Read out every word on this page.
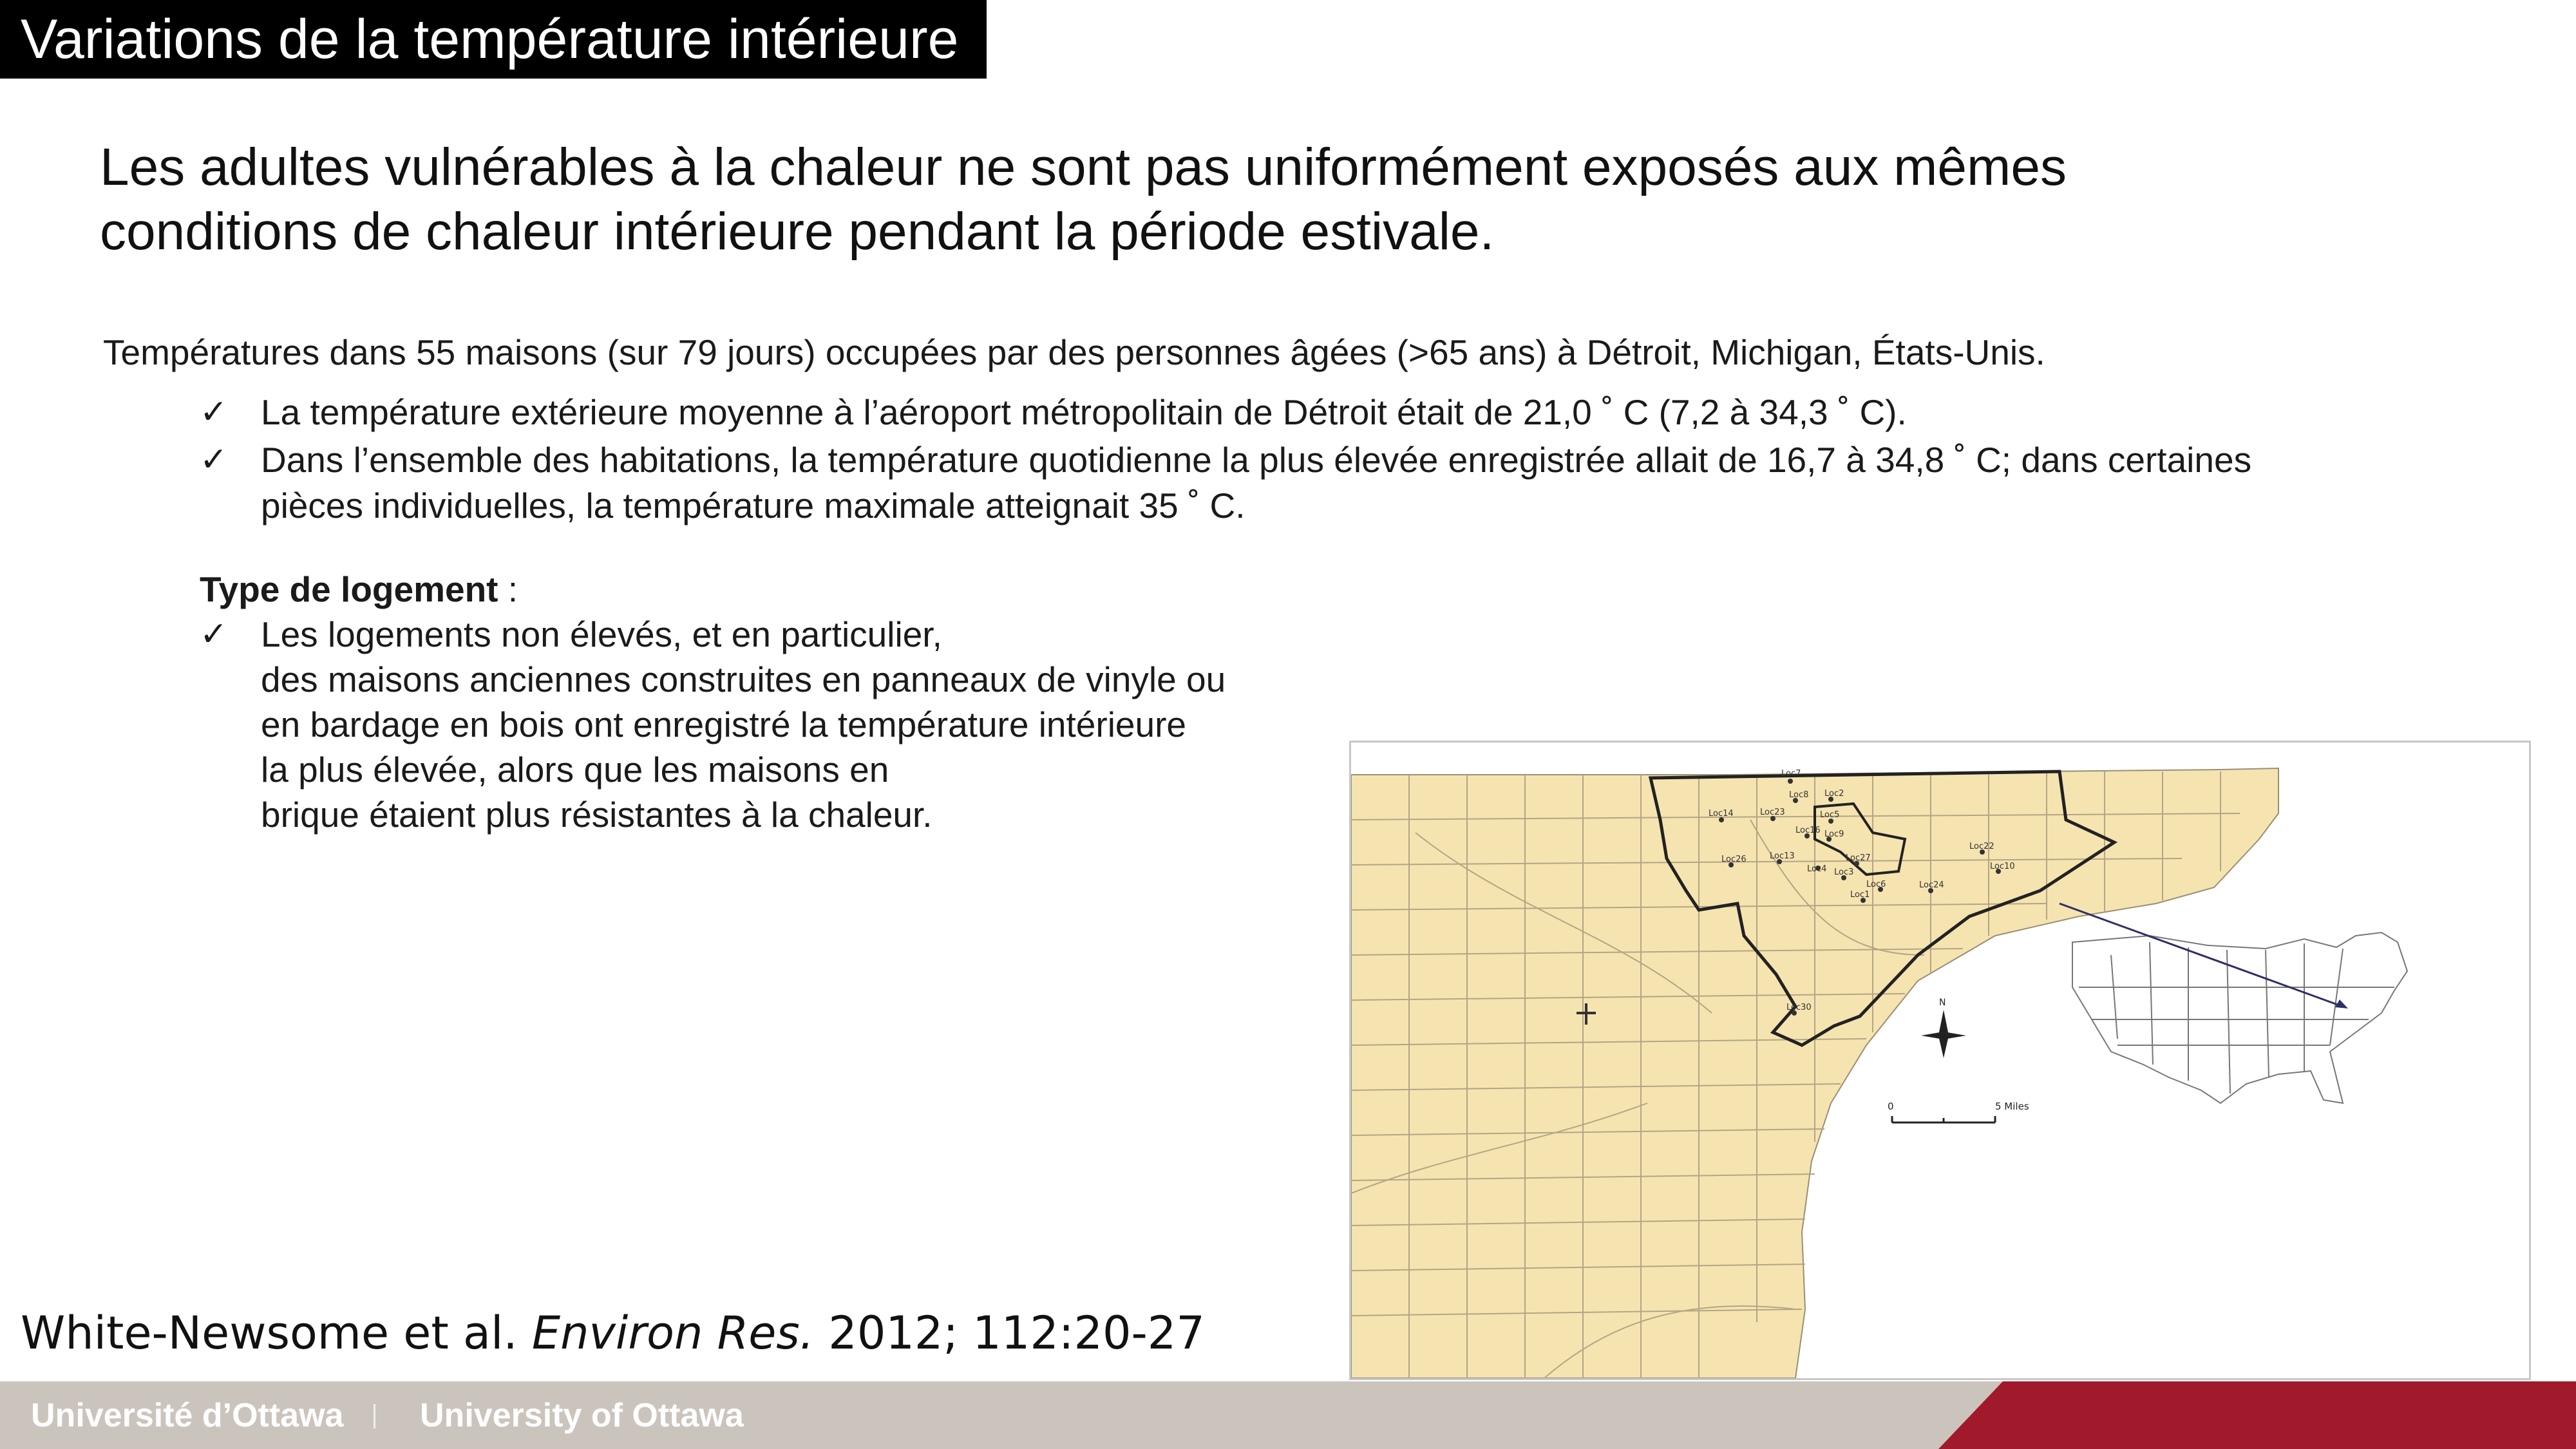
Variations de la température intérieure
Les adultes vulnérables à la chaleur ne sont pas uniformément exposés aux mêmes
conditions de chaleur intérieure pendant la période estivale.
Températures dans 55 maisons (sur 79 jours) occupées par des personnes âgées (>65 ans) à Détroit, Michigan, États-Unis.
✓ La température extérieure moyenne à l’aéroport métropolitain de Détroit était de 21,0 ˚ C (7,2 à 34,3 ˚ C).
✓ Dans l’ensemble des habitations, la température quotidienne la plus élevée enregistrée allait de 16,7 à 34,8 ˚ C; dans certaines
pièces individuelles, la température maximale atteignait 35 ˚ C.
Type de logement :
✓ Les logements non élevés, et en particulier,
des maisons anciennes construites en panneaux de vinyle ou
en bardage en bois ont enregistré la température intérieure
la plus élevée, alors que les maisons en
brique étaient plus résistantes à la chaleur.
Loc7
Loc8 Loc2
Loc14	Loc23	Loc5
Loc16 Loc9
Loc22
Loc26	Loc13	Loc27
Loc4 Loc3
Loc6	Loc24
Loc10
Loc1
Loc30	N
0	5 Miles
White-Newsome et al. Environ Res. 2012; 112:20-27
Université d’Ottawa University of Ottawa
